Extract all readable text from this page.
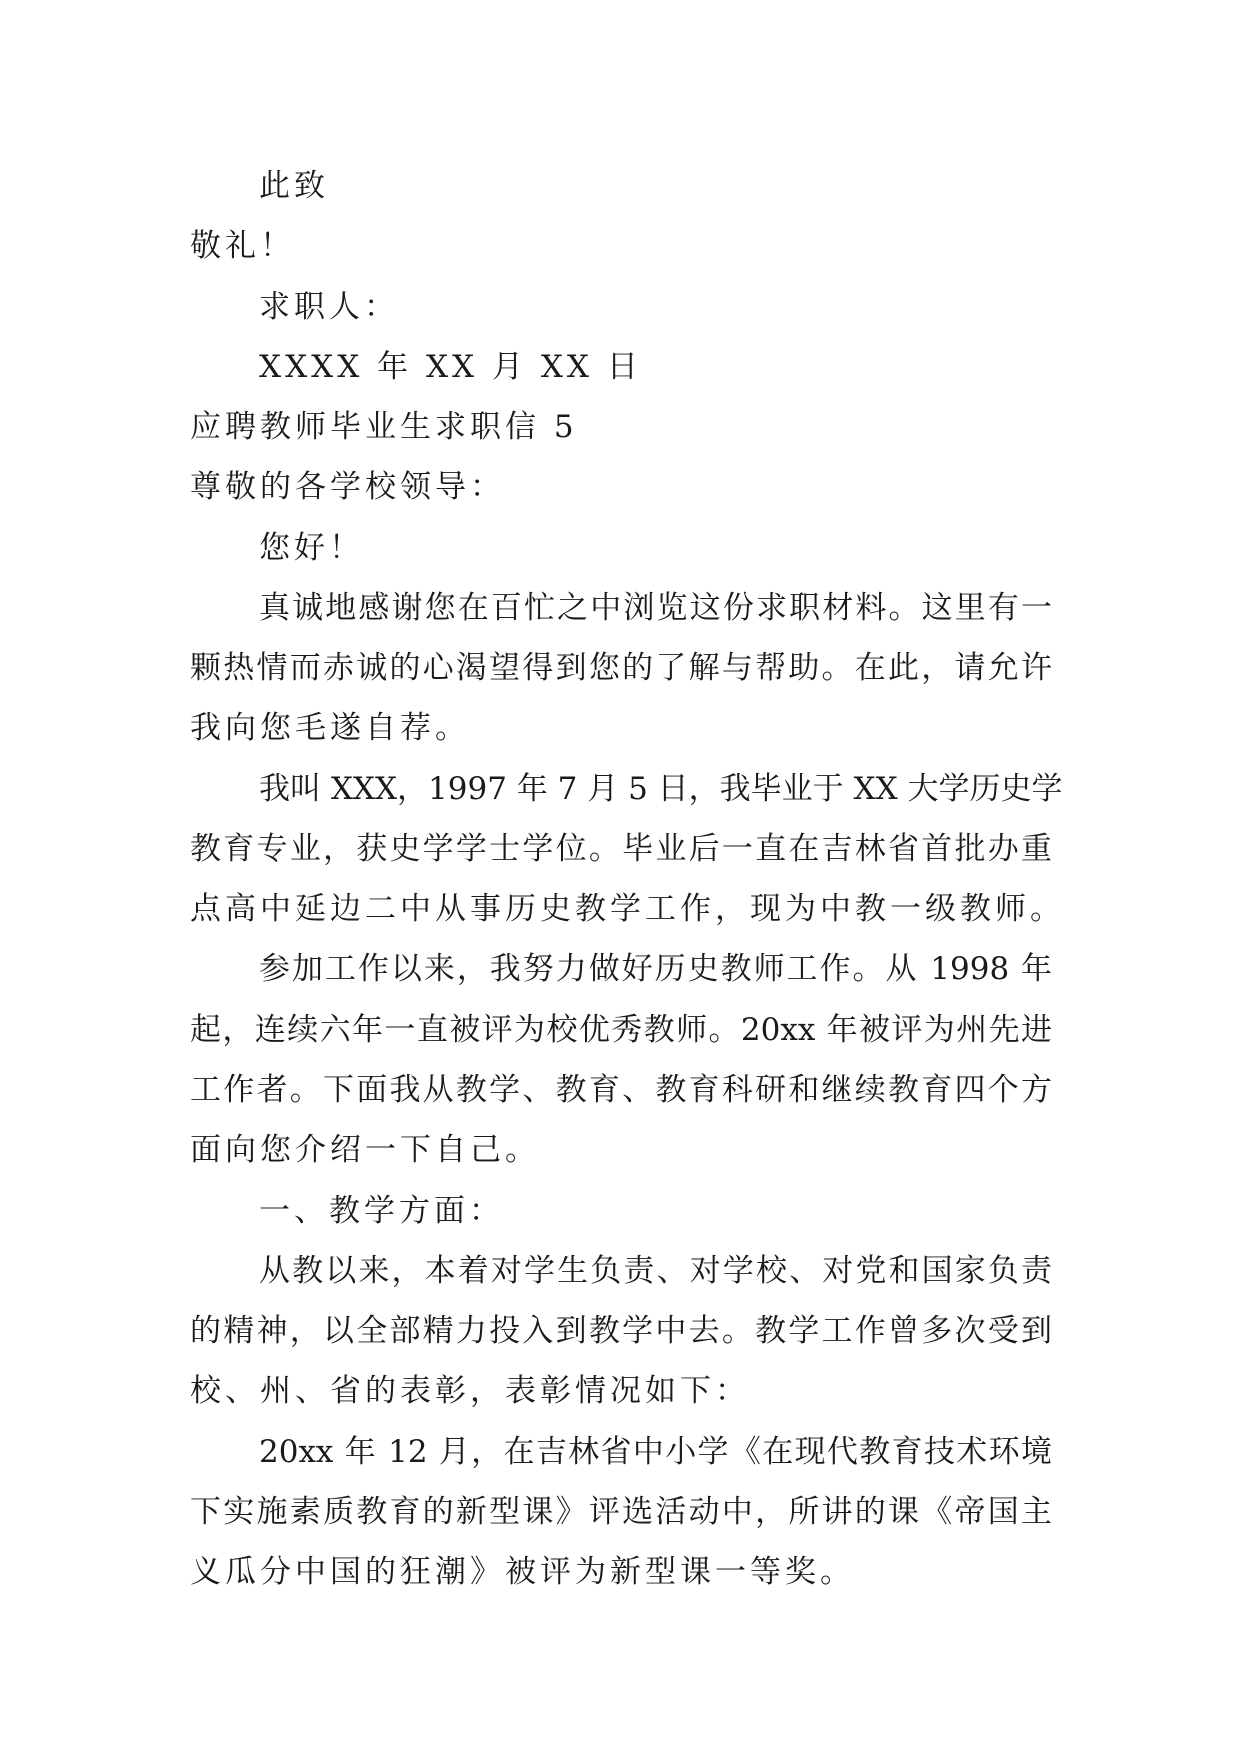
此致
敬礼！
求职人：
XXXX 年 XX 月 XX 日
应聘教师毕业生求职信 5
尊敬的各学校领导：
您好！
真诚地感谢您在百忙之中浏览这份求职材料。这里有一
颗热情而赤诚的心渴望得到您的了解与帮助。在此，请允许
我向您毛遂自荐。
我叫 XXX，1997 年 7 月 5 日，我毕业于 XX 大学历史学
教育专业，获史学学士学位。毕业后一直在吉林省首批办重
点高中延边二中从事历史教学工作，现为中教一级教师。
参加工作以来，我努力做好历史教师工作。从 1998 年
起，连续六年一直被评为校优秀教师。20xx 年被评为州先进
工作者。下面我从教学、教育、教育科研和继续教育四个方
面向您介绍一下自己。
一、教学方面：
从教以来，本着对学生负责、对学校、对党和国家负责
的精神，以全部精力投入到教学中去。教学工作曾多次受到
校、州、省的表彰，表彰情况如下：
20xx 年 12 月，在吉林省中小学《在现代教育技术环境
下实施素质教育的新型课》评选活动中，所讲的课《帝国主
义瓜分中国的狂潮》被评为新型课一等奖。
